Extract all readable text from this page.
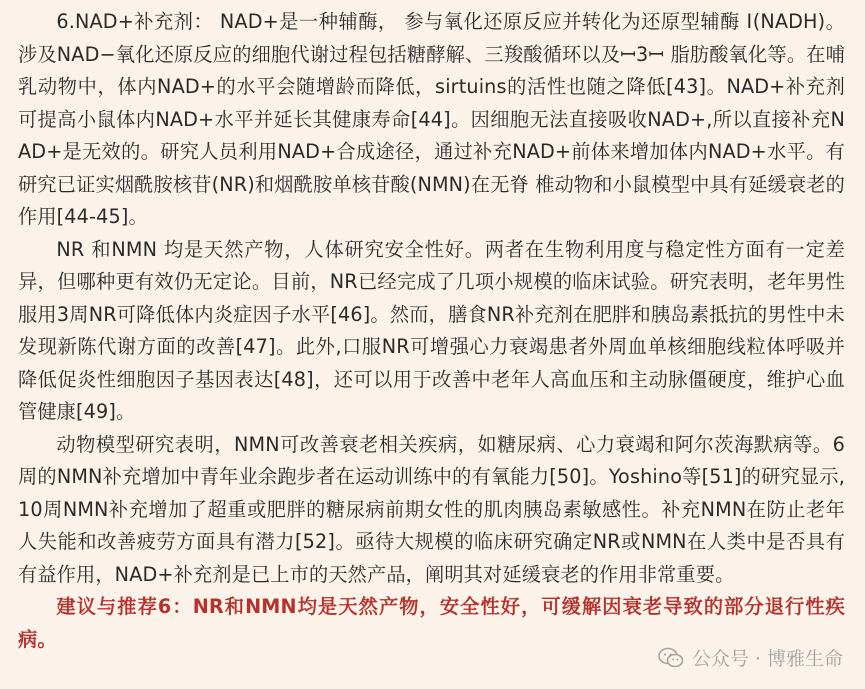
6.NAD+补充剂： NAD+是一种辅酶， 参与氧化还原反应并转化为还原型辅酶 Ⅰ(NADH)。涉及NAD−氧化还原反应的细胞代谢过程包括糖酵解、三羧酸循环以及ꟷ3ꟷ 脂肪酸氧化等。在哺乳动物中，体内NAD+的水平会随增龄而降低，sirtuins的活性也随之降低[43]。NAD+补充剂可提高小鼠体内NAD+水平并延长其健康寿命[44]。因细胞无法直接吸收NAD+,所以直接补充NAD+是无效的。研究人员利用NAD+合成途径，通过补充NAD+前体来增加体内NAD+水平。有研究已证实烟酰胺核苷(NR)和烟酰胺单核苷酸(NMN)在无脊 椎动物和小鼠模型中具有延缓衰老的作用[44-45]。

NR 和NMN 均是天然产物，人体研究安全性好。两者在生物利用度与稳定性方面有一定差异，但哪种更有效仍无定论。目前，NR已经完成了几项小规模的临床试验。研究表明，老年男性服用3周NR可降低体内炎症因子水平[46]。然而，膳食NR补充剂在肥胖和胰岛素抵抗的男性中未发现新陈代谢方面的改善[47]。此外,口服NR可增强心力衰竭患者外周血单核细胞线粒体呼吸并降低促炎性细胞因子基因表达[48]，还可以用于改善中老年人高血压和主动脉僵硬度，维护心血管健康[49]。

动物模型研究表明，NMN可改善衰老相关疾病，如糖尿病、心力衰竭和阿尔茨海默病等。6周的NMN补充增加中青年业余跑步者在运动训练中的有氧能力[50]。Yoshino等[51]的研究显示,10周NMN补充增加了超重或肥胖的糖尿病前期女性的肌肉胰岛素敏感性。补充NMN在防止老年人失能和改善疲劳方面具有潜力[52]。亟待大规模的临床研究确定NR或NMN在人类中是否具有有益作用，NAD+补充剂是已上市的天然产品，阐明其对延缓衰老的作用非常重要。

建议与推荐6：NR和NMN均是天然产物，安全性好，可缓解因衰老导致的部分退行性疾病。

公众号 · 博雅生命
